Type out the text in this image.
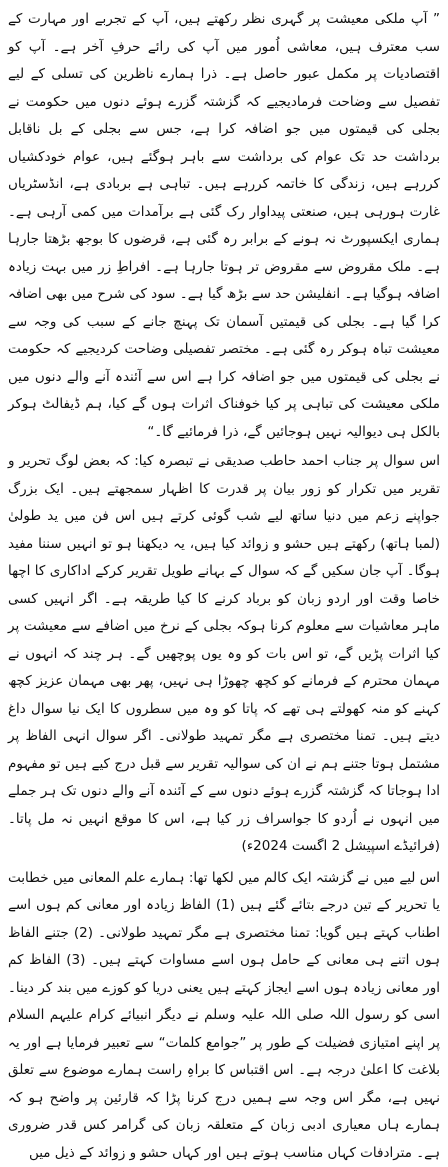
” آپ ملکی معیشت پر گہری نظر رکھتے ہیں، آپ کے تجربے اور مہارت کے سب معترف ہیں، معاشی اُمور میں آپ کی رائے حرفِ آخر ہے۔ آپ کو اقتصادیات پر مکمل عبور حاصل ہے۔ ذرا ہمارے ناظرین کی تسلی کے لیے تفصیل سے وضاحت فرمادیجیے کہ گزشتہ گزرے ہوئے دنوں میں حکومت نے بجلی کی قیمتوں میں جو اضافہ کرا ہے، جس سے بجلی کے بل ناقابل برداشت حد تک عوام کی برداشت سے باہر ہوگئے ہیں، عوام خودکشیاں کررہے ہیں، زندگی کا خاتمہ کررہے ہیں۔ تباہی ہے بربادی ہے، انڈسٹریاں غارت ہورہی ہیں، صنعتی پیداوار رک گئی ہے برآمدات میں کمی آرہی ہے۔ ہماری ایکسپورٹ نہ ہونے کے برابر رہ گئی ہے، قرضوں کا بوجھ بڑھتا جارہا ہے۔ ملک مقروض سے مقروض تر ہوتا جارہا ہے۔ افراطِ زر میں بہت زیادہ اضافہ ہوگیا ہے۔ انفلیشن حد سے بڑھ گیا ہے۔ سود کی شرح میں بھی اضافہ کرا گیا ہے۔ بجلی کی قیمتیں آسمان تک پہنچ جانے کے سبب کی وجہ سے معیشت تباہ ہوکر رہ گئی ہے۔ مختصر تفصیلی وضاحت کردیجیے کہ حکومت نے بجلی کی قیمتوں میں جو اضافہ کرا ہے اس سے آئندہ آنے والے دنوں میں ملکی معیشت کی تباہی پر کیا خوفناک اثرات ہوں گے کیا، ہم ڈیفالٹ ہوکر بالکل ہی دیوالیہ نہیں ہوجائیں گے، ذرا فرمائیے گا۔“

اس سوال پر جناب احمد حاطب صدیقی نے تبصرہ کیا: کہ بعض لوگ تحریر و تقریر میں تکرار کو زور بیان پر قدرت کا اظہار سمجھتے ہیں۔ ایک بزرگ جواپنے زعم میں دنیا ساتھ لیے شب گوئی کرتے ہیں اس فن میں ید طولیٰ (لمبا ہاتھ) رکھتے ہیں حشو و زوائد کیا ہیں، یہ دیکھنا ہو تو انہیں سننا مفید ہوگا۔ آپ جان سکیں گے کہ سوال کے بہانے طویل تقریر کرکے اداکاری کا اچھا خاصا وقت اور اردو زبان کو برباد کرنے کا کیا طریقہ ہے۔ اگر انہیں کسی ماہر معاشیات سے معلوم کرنا ہوکہ بجلی کے نرخ میں اضافے سے معیشت پر کیا اثرات پڑیں گے، تو اس بات کو وہ یوں پوچھیں گے۔ ہر چند کہ انہوں نے مہمان محترم کے فرمانے کو کچھ چھوڑا ہی نہیں، پھر بھی مہمان عزیز کچھ کہنے کو منہ کھولتے ہی تھے کہ پاتا کو وہ میں سطروں کا ایک نیا سوال داغ دیتے ہیں۔ تمنا مختصری ہے مگر تمہید طولانی۔ اگر سوال انہی الفاظ پر مشتمل ہوتا جتنے ہم نے ان کی سوالیہ تقریر سے قبل درج کیے ہیں تو مفہوم ادا ہوجاتا کہ گزشتہ گزرے ہوئے دنوں سے کے آئندہ آنے والے دنوں تک ہر جملے میں انہوں نے اُردو کا جواسراف زر کیا ہے، اس کا موقع انہیں نہ مل پاتا۔ (فرائیڈے اسپیشل 2 اگست 2024ء)

اس لیے میں نے گزشتہ ایک کالم میں لکھا تھا: ہمارے علم المعانی میں خطابت یا تحریر کے تین درجے بتائے گئے ہیں (1) الفاظ زیادہ اور معانی کم ہوں اسے اطناب کہتے ہیں گویا: تمنا مختصری ہے مگر تمہید طولانی۔ (2) جتنے الفاظ ہوں اتنے ہی معانی کے حامل ہوں اسے مساوات کہتے ہیں۔ (3) الفاظ کم اور معانی زیادہ ہوں اسے ایجاز کہتے ہیں یعنی دریا کو کوزے میں بند کر دینا۔ اسی کو رسول اللہ صلی اللہ علیہ وسلم نے دیگر انبیائے کرام علیہم السلام پر اپنے امتیازی فضیلت کے طور پر ”جوامع کلمات“ سے تعبیر فرمایا ہے اور یہ بلاغت کا اعلیٰ درجہ ہے۔ اس اقتباس کا براہِ راست ہمارے موضوع سے تعلق نہیں ہے، مگر اس وجہ سے ہمیں درج کرنا پڑا کہ قارئین پر واضح ہو کہ ہمارے ہاں معیاری ادبی زبان کے متعلقہ زبان کی گرامر کس قدر ضروری ہے۔ مترادفات کہاں مناسب ہوتے ہیں اور کہاں حشو و زوائد کے ذیل میں
